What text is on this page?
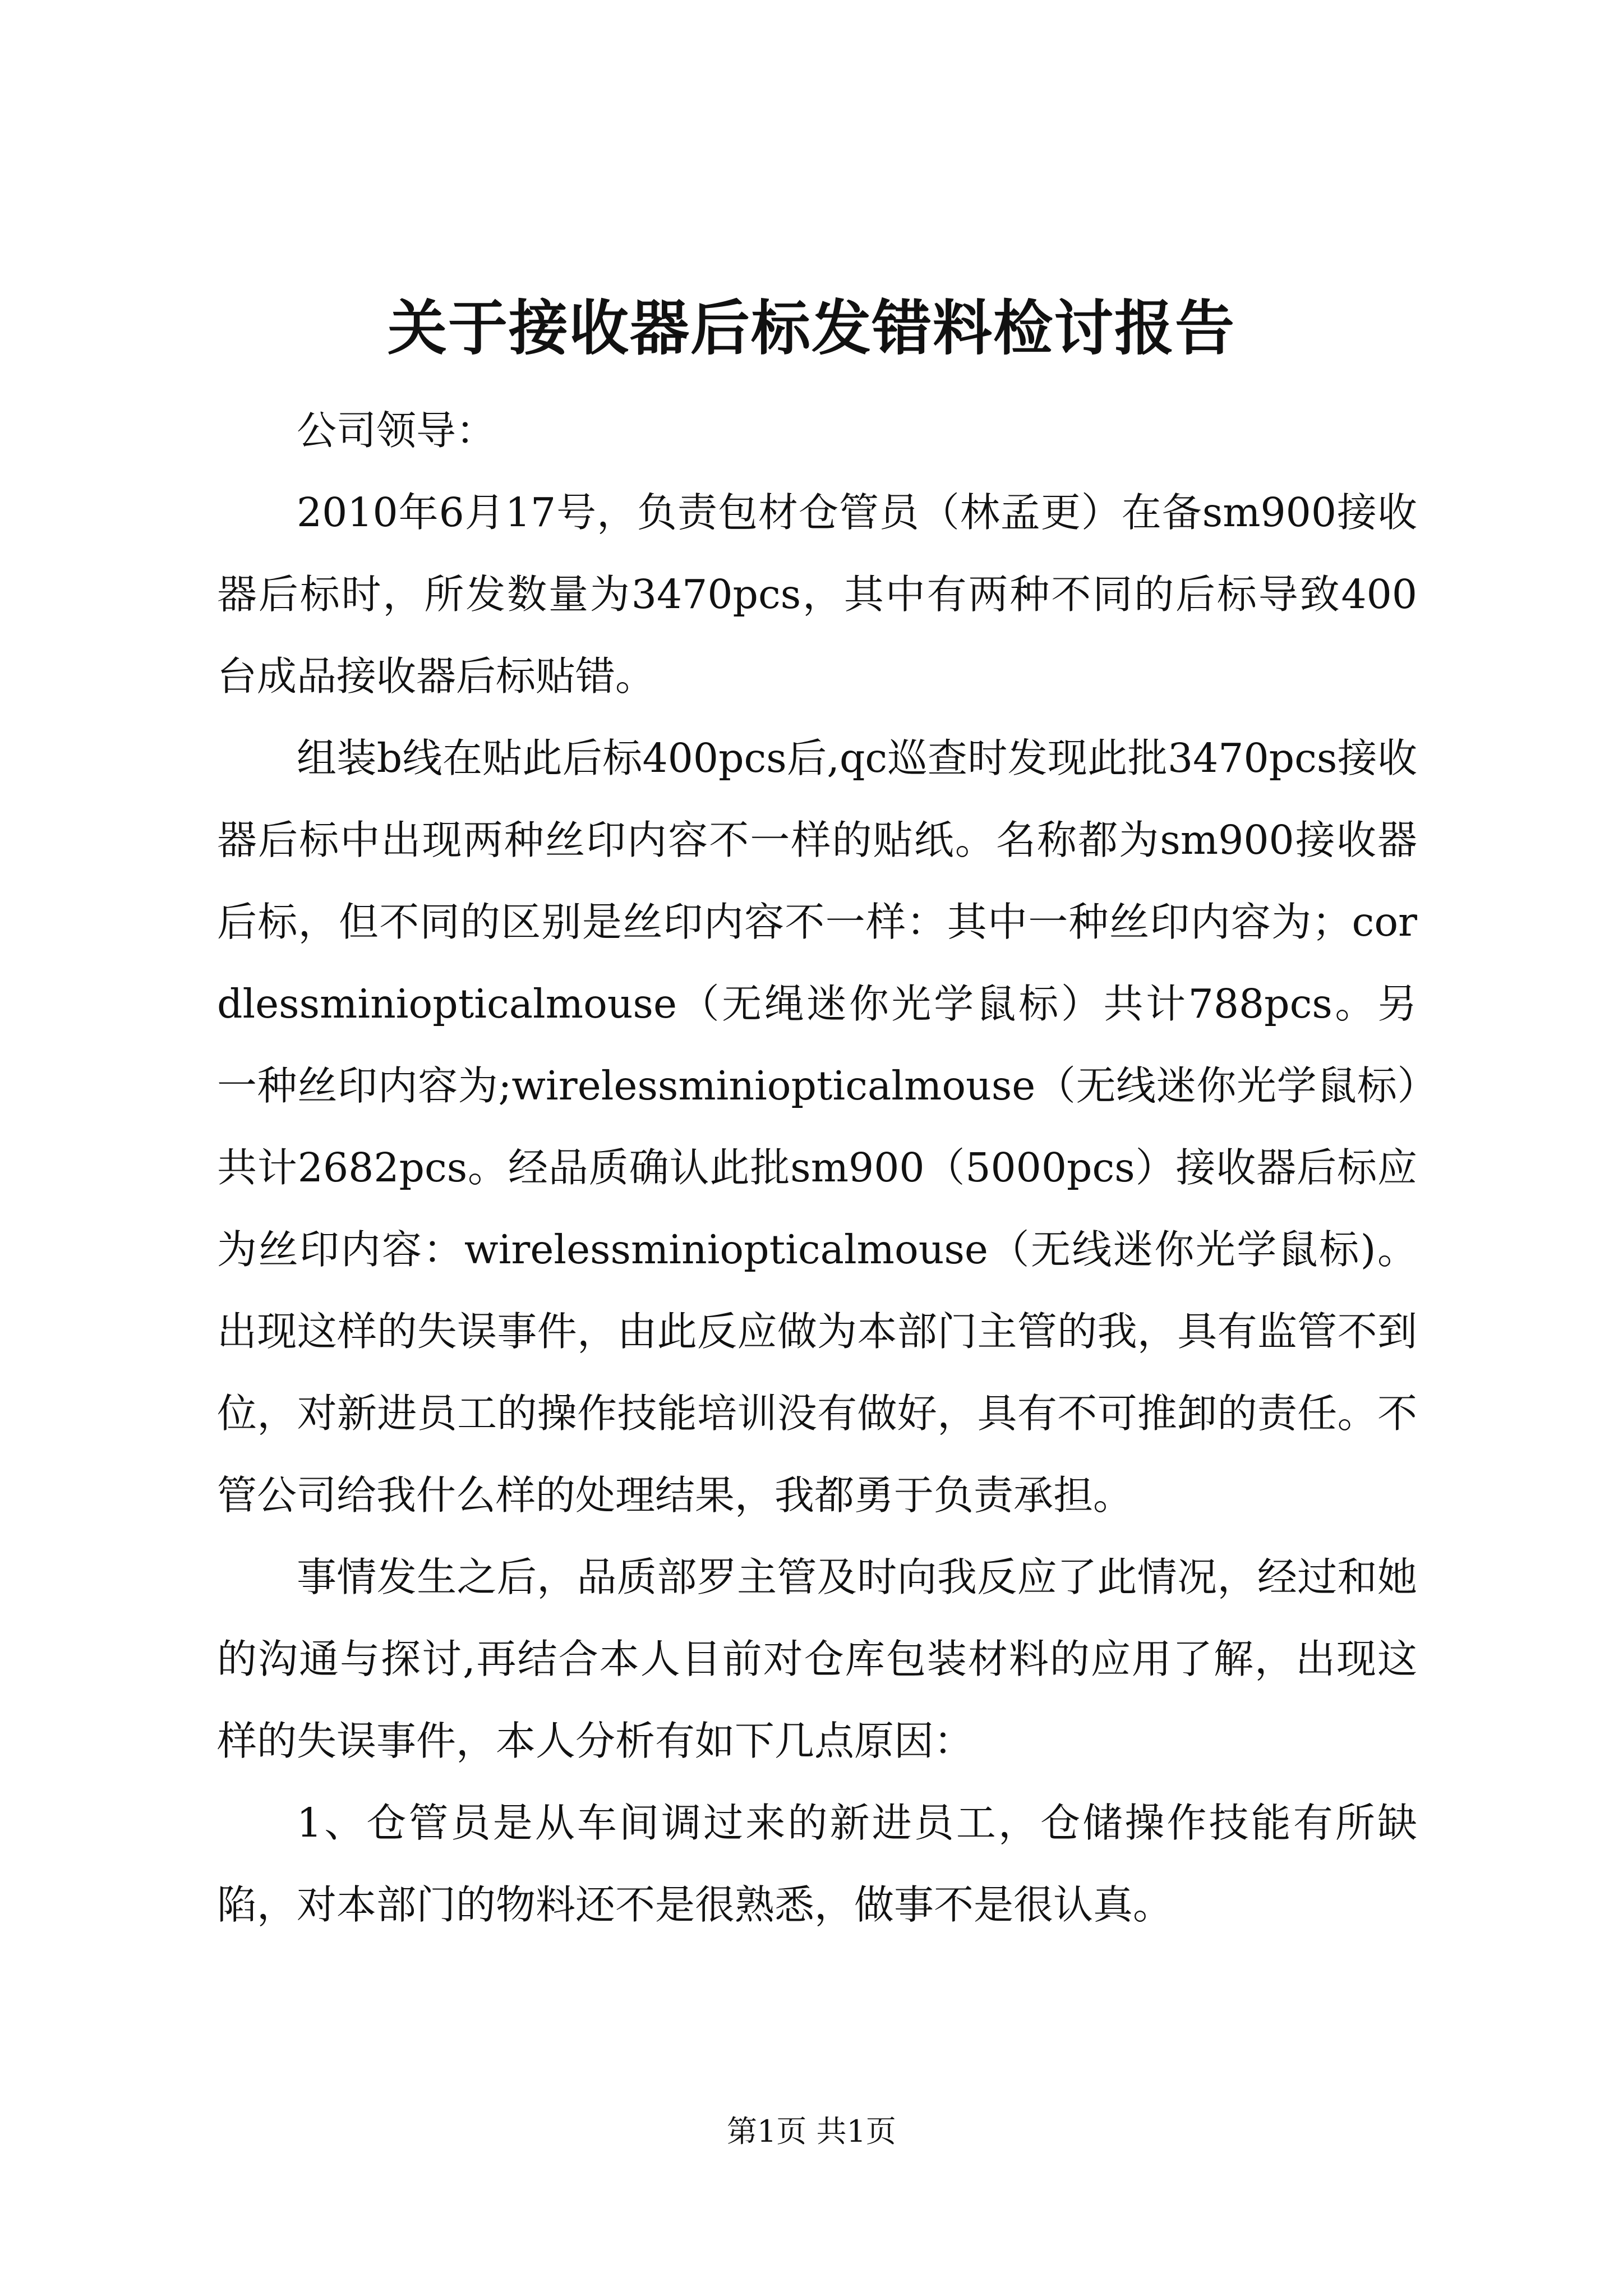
关于接收器后标发错料检讨报告

公司领导：

2010年6月17号，负责包材仓管员（林孟更）在备sm900接收器后标时，所发数量为3470pcs，其中有两种不同的后标导致400台成品接收器后标贴错。

组装b线在贴此后标400pcs后,qc巡查时发现此批3470pcs接收器后标中出现两种丝印内容不一样的贴纸。名称都为sm900接收器后标，但不同的区别是丝印内容不一样：其中一种丝印内容为；cordlessminiopticalmouse（无绳迷你光学鼠标）共计788pcs。另一种丝印内容为;wirelessminiopticalmouse（无线迷你光学鼠标）共计2682pcs。经品质确认此批sm900（5000pcs）接收器后标应为丝印内容：wirelessminiopticalmouse（无线迷你光学鼠标)。出现这样的失误事件，由此反应做为本部门主管的我，具有监管不到位，对新进员工的操作技能培训没有做好，具有不可推卸的责任。不管公司给我什么样的处理结果，我都勇于负责承担。

事情发生之后，品质部罗主管及时向我反应了此情况，经过和她的沟通与探讨,再结合本人目前对仓库包装材料的应用了解，出现这样的失误事件，本人分析有如下几点原因：

1、仓管员是从车间调过来的新进员工，仓储操作技能有所缺陷，对本部门的物料还不是很熟悉，做事不是很认真。

第1页 共1页
